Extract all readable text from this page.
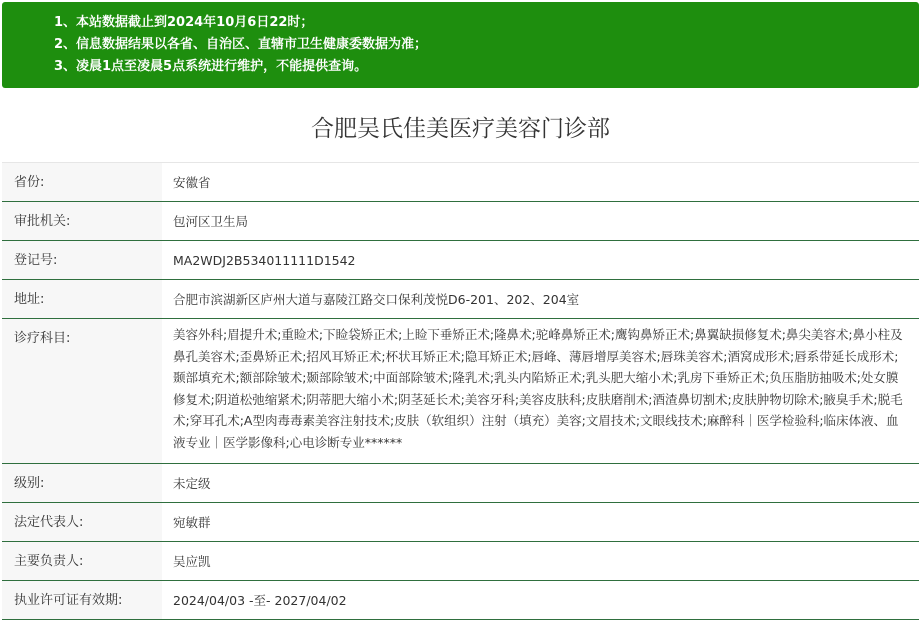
1、本站数据截止到2024年10月6日22时；
2、信息数据结果以各省、自治区、直辖市卫生健康委数据为准；
3、凌晨1点至凌晨5点系统进行维护，不能提供查询。
合肥吴氏佳美医疗美容门诊部
省份:	安徽省
审批机关:	包河区卫生局
登记号:	MA2WDJ2B534011111D1542
地址:	合肥市滨湖新区庐州大道与嘉陵江路交口保利茂悦D6-201、202、204室
诊疗科目:	美容外科;眉提升术;重睑术;下睑袋矫正术;上睑下垂矫正术;隆鼻术;驼峰鼻矫正术;鹰钩鼻矫正术;鼻翼缺损修复术;鼻尖美容术;鼻小柱及鼻孔美容术;歪鼻矫正术;招风耳矫正术;杯状耳矫正术;隐耳矫正术;唇峰、薄唇增厚美容术;唇珠美容术;酒窝成形术;唇系带延长成形术;颞部填充术;额部除皱术;颞部除皱术;中面部除皱术;隆乳术;乳头内陷矫正术;乳头肥大缩小术;乳房下垂矫正术;负压脂肪抽吸术;处女膜修复术;阴道松弛缩紧术;阴蒂肥大缩小术;阴茎延长术;美容牙科;美容皮肤科;皮肤磨削术;酒渣鼻切割术;皮肤肿物切除术;腋臭手术;脱毛术;穿耳孔术;A型肉毒毒素美容注射技术;皮肤（软组织）注射（填充）美容;文眉技术;文眼线技术;麻醉科｜医学检验科;临床体液、血液专业｜医学影像科;心电诊断专业******
级别:	未定级
法定代表人:	宛敏群
主要负责人:	吴应凯
执业许可证有效期:	2024/04/03 -至- 2027/04/02
